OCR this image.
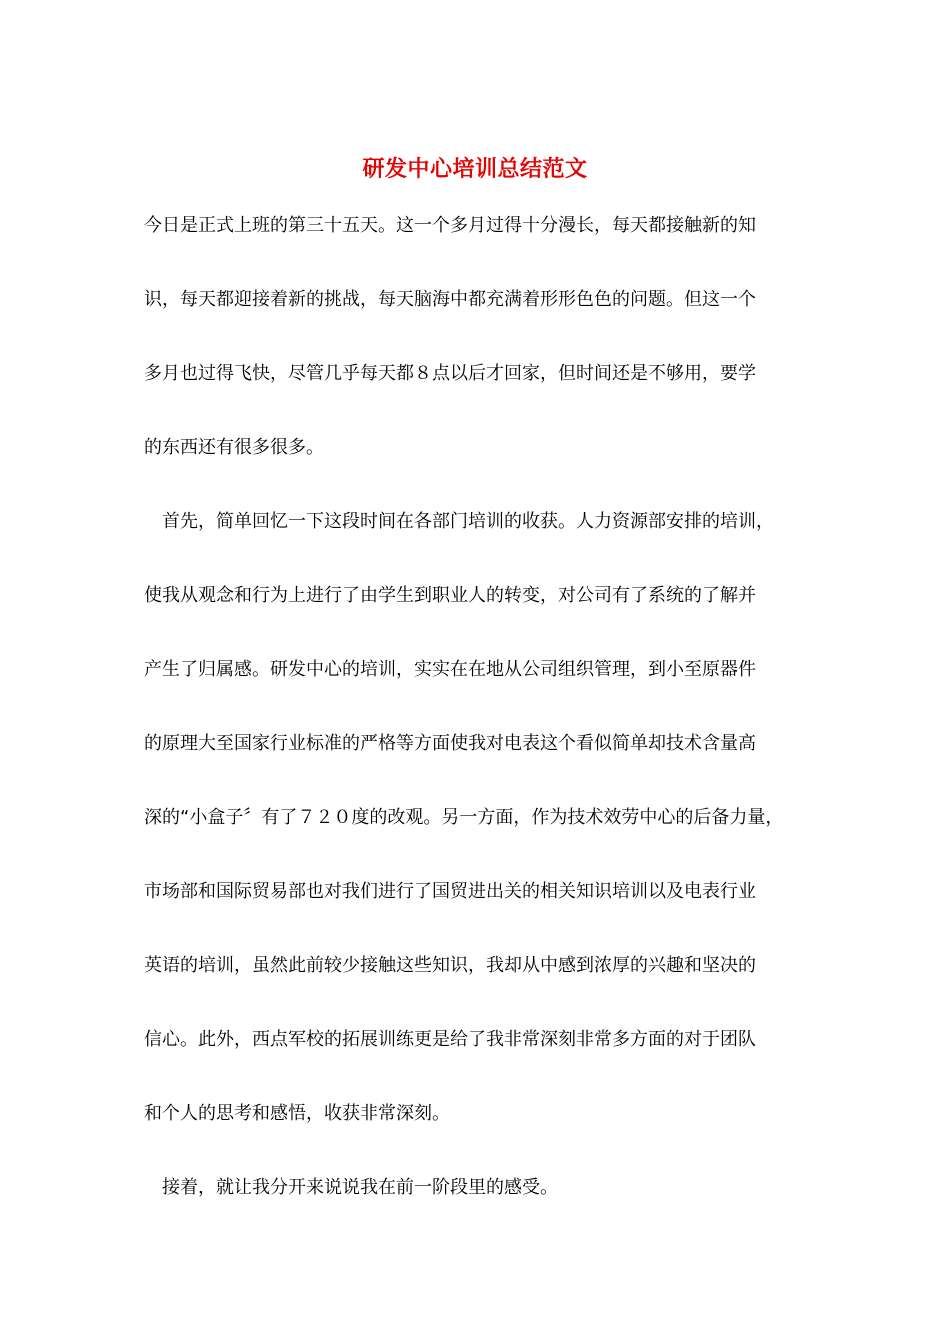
研发中心培训总结范文
今日是正式上班的第三十五天。这一个多月过得十分漫长，每天都接触新的知
识，每天都迎接着新的挑战，每天脑海中都充满着形形色色的问题。但这一个
多月也过得飞快，尽管几乎每天都８点以后才回家，但时间还是不够用，要学
的东西还有很多很多。
　首先，简单回忆一下这段时间在各部门培训的收获。人力资源部安排的培训，
使我从观念和行为上进行了由学生到职业人的转变，对公司有了系统的了解并
产生了归属感。研发中心的培训，实实在在地从公司组织管理，到小至原器件
的原理大至国家行业标准的严格等方面使我对电表这个看似简单却技术含量高
深的“小盒子〞有了７２０度的改观。另一方面，作为技术效劳中心的后备力量，
市场部和国际贸易部也对我们进行了国贸进出关的相关知识培训以及电表行业
英语的培训，虽然此前较少接触这些知识，我却从中感到浓厚的兴趣和坚决的
信心。此外，西点军校的拓展训练更是给了我非常深刻非常多方面的对于团队
和个人的思考和感悟，收获非常深刻。
　接着，就让我分开来说说我在前一阶段里的感受。
